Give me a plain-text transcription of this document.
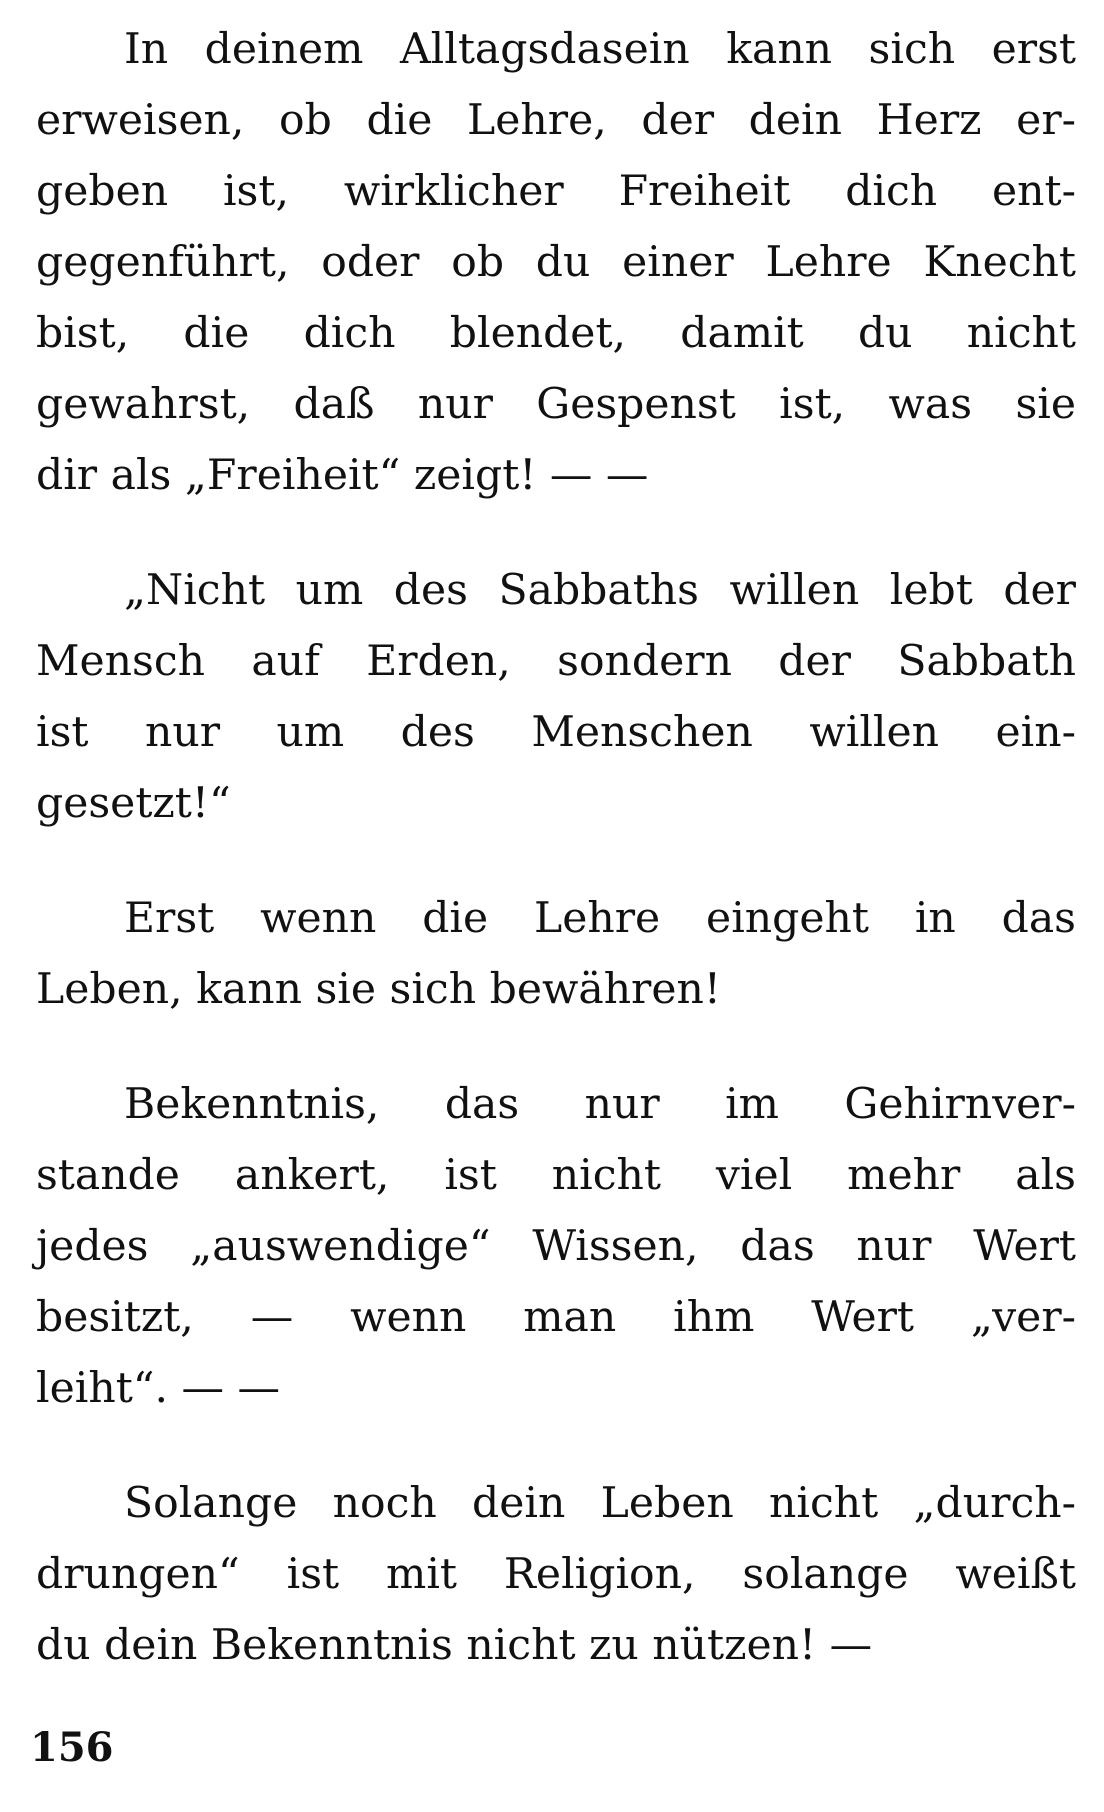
In deinem Alltagsdasein kann sich erst
erweisen, ob die Lehre, der dein Herz er-
geben ist, wirklicher Freiheit dich ent-
gegenführt, oder ob du einer Lehre Knecht
bist, die dich blendet, damit du nicht
gewahrst, daß nur Gespenst ist, was sie
dir als „Freiheit“ zeigt! — —
„Nicht um des Sabbaths willen lebt der
Mensch auf Erden, sondern der Sabbath
ist nur um des Menschen willen ein-
gesetzt!“
Erst wenn die Lehre eingeht in das
Leben, kann sie sich bewähren!
Bekenntnis, das nur im Gehirnver-
stande ankert, ist nicht viel mehr als
jedes „auswendige“ Wissen, das nur Wert
besitzt, — wenn man ihm Wert „ver-
leiht“. — —
Solange noch dein Leben nicht „durch-
drungen“ ist mit Religion, solange weißt
du dein Bekenntnis nicht zu nützen! —
156
